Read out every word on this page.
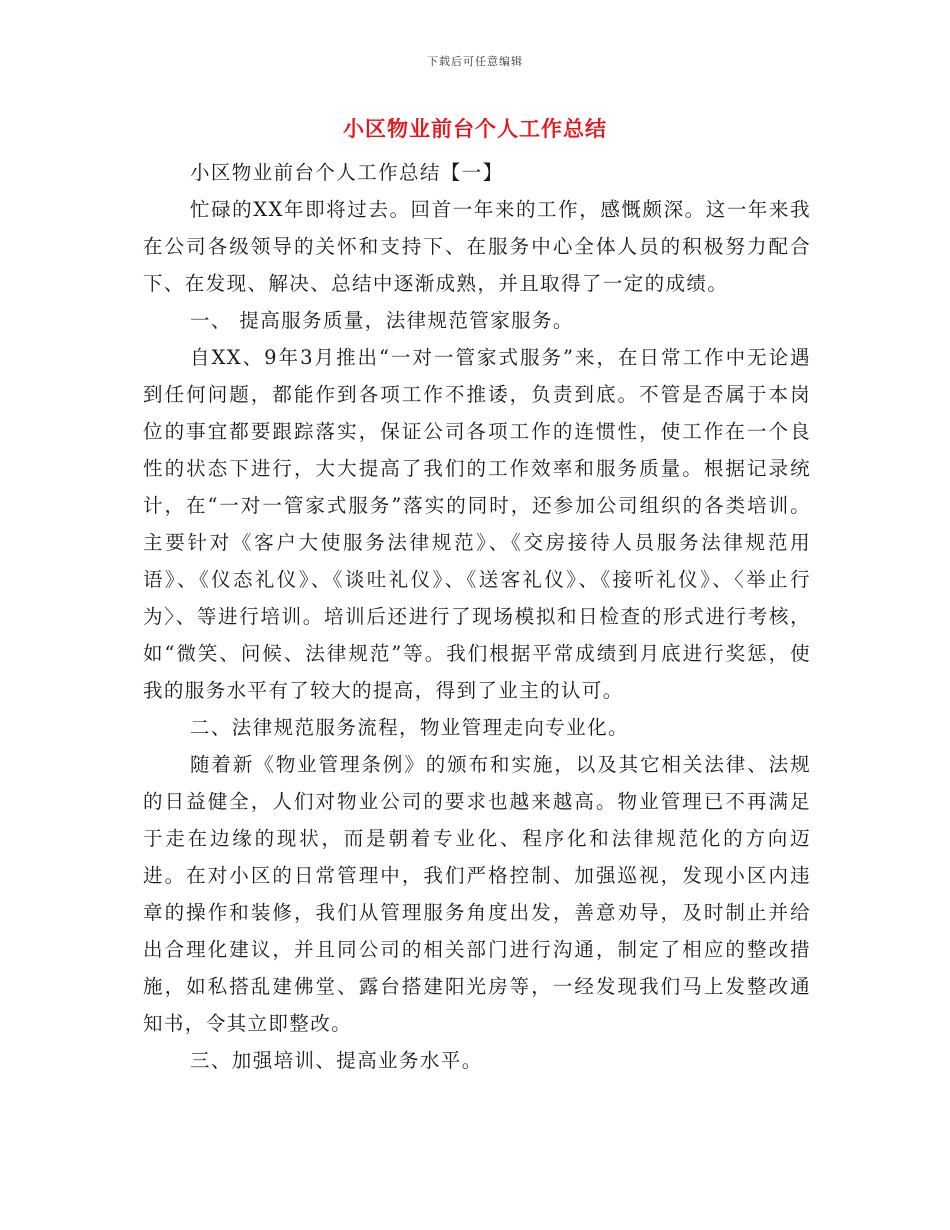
下载后可任意编辑
小区物业前台个人工作总结

小区物业前台个人工作总结【一】

忙碌的XX年即将过去。回首一年来的工作，感慨颇深。这一年来我在公司各级领导的关怀和支持下、在服务中心全体人员的积极努力配合下、在发现、解决、总结中逐渐成熟，并且取得了一定的成绩。

一、 提高服务质量，法律规范管家服务。

自XX、9年3月推出“一对一管家式服务”来，在日常工作中无论遇到任何问题，都能作到各项工作不推诿，负责到底。不管是否属于本岗位的事宜都要跟踪落实，保证公司各项工作的连惯性，使工作在一个良性的状态下进行，大大提高了我们的工作效率和服务质量。根据记录统计，在“一对一管家式服务”落实的同时，还参加公司组织的各类培训。主要针对《客户大使服务法律规范》、《交房接待人员服务法律规范用语》、《仪态礼仪》、《谈吐礼仪》、《送客礼仪》、《接听礼仪》、〈举止行为〉、等进行培训。培训后还进行了现场模拟和日检查的形式进行考核，如“微笑、问候、法律规范”等。我们根据平常成绩到月底进行奖惩，使我的服务水平有了较大的提高，得到了业主的认可。

二、法律规范服务流程，物业管理走向专业化。

随着新《物业管理条例》的颁布和实施，以及其它相关法律、法规的日益健全，人们对物业公司的要求也越来越高。物业管理已不再满足于走在边缘的现状，而是朝着专业化、程序化和法律规范化的方向迈进。在对小区的日常管理中，我们严格控制、加强巡视，发现小区内违章的操作和装修，我们从管理服务角度出发，善意劝导，及时制止并给出合理化建议，并且同公司的相关部门进行沟通，制定了相应的整改措施，如私搭乱建佛堂、露台搭建阳光房等，一经发现我们马上发整改通知书，令其立即整改。

三、加强培训、提高业务水平。
